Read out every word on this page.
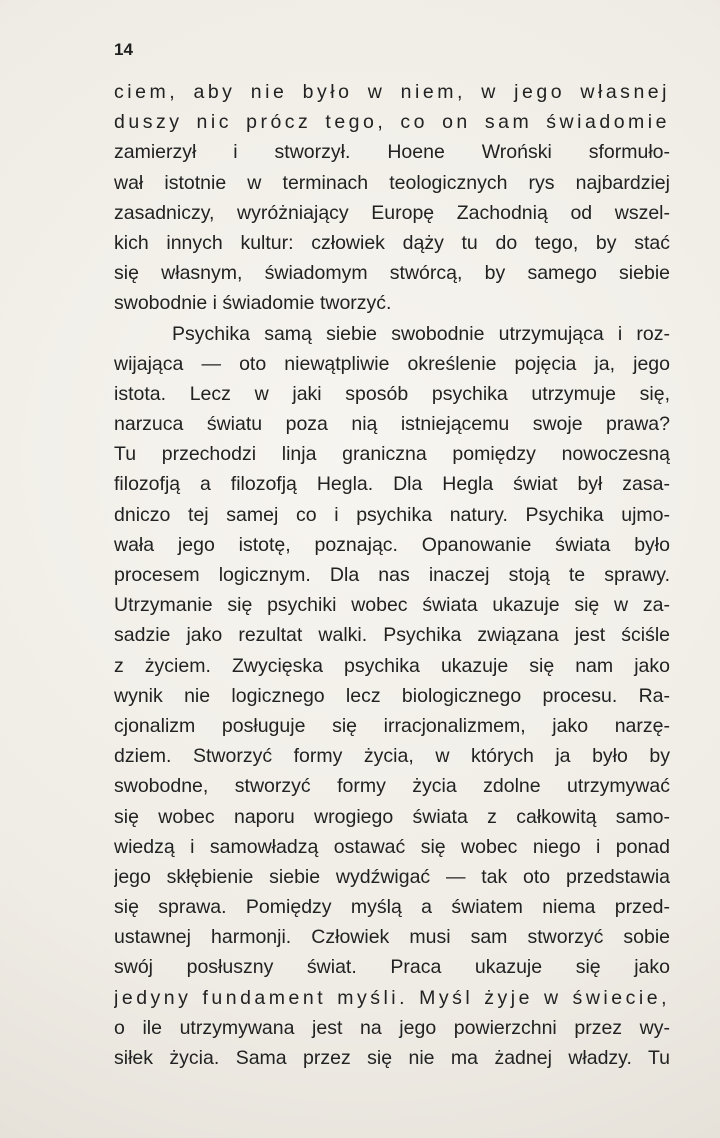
14
ciem, aby nie było w niem, w jego własnej
duszy nic prócz tego, co on sam świadomie
zamierzył i stworzył. Hoene Wroński sformuło-
wał istotnie w terminach teologicznych rys najbardziej
zasadniczy, wyróżniający Europę Zachodnią od wszel-
kich innych kultur: człowiek dąży tu do tego, by stać
się własnym, świadomym stwórcą, by samego siebie
swobodnie i świadomie tworzyć.
Psychika samą siebie swobodnie utrzymująca i roz-
wijająca — oto niewątpliwie określenie pojęcia ja, jego
istota. Lecz w jaki sposób psychika utrzymuje się,
narzuca światu poza nią istniejącemu swoje prawa?
Tu przechodzi linja graniczna pomiędzy nowoczesną
filozofją a filozofją Hegla. Dla Hegla świat był zasa-
dniczo tej samej co i psychika natury. Psychika ujmo-
wała jego istotę, poznając. Opanowanie świata było
procesem logicznym. Dla nas inaczej stoją te sprawy.
Utrzymanie się psychiki wobec świata ukazuje się w za-
sadzie jako rezultat walki. Psychika związana jest ściśle
z życiem. Zwycięska psychika ukazuje się nam jako
wynik nie logicznego lecz biologicznego procesu. Ra-
cjonalizm posługuje się irracjonalizmem, jako narzę-
dziem. Stworzyć formy życia, w których ja było by
swobodne, stworzyć formy życia zdolne utrzymywać
się wobec naporu wrogiego świata z całkowitą samo-
wiedzą i samowładzą ostawać się wobec niego i ponad
jego skłębienie siebie wydźwigać — tak oto przedstawia
się sprawa. Pomiędzy myślą a światem niema przed-
ustawnej harmonji. Człowiek musi sam stworzyć sobie
swój posłuszny świat. Praca ukazuje się jako
jedyny fundament myśli. Myśl żyje w świecie,
o ile utrzymywana jest na jego powierzchni przez wy-
siłek życia. Sama przez się nie ma żadnej władzy. Tu
